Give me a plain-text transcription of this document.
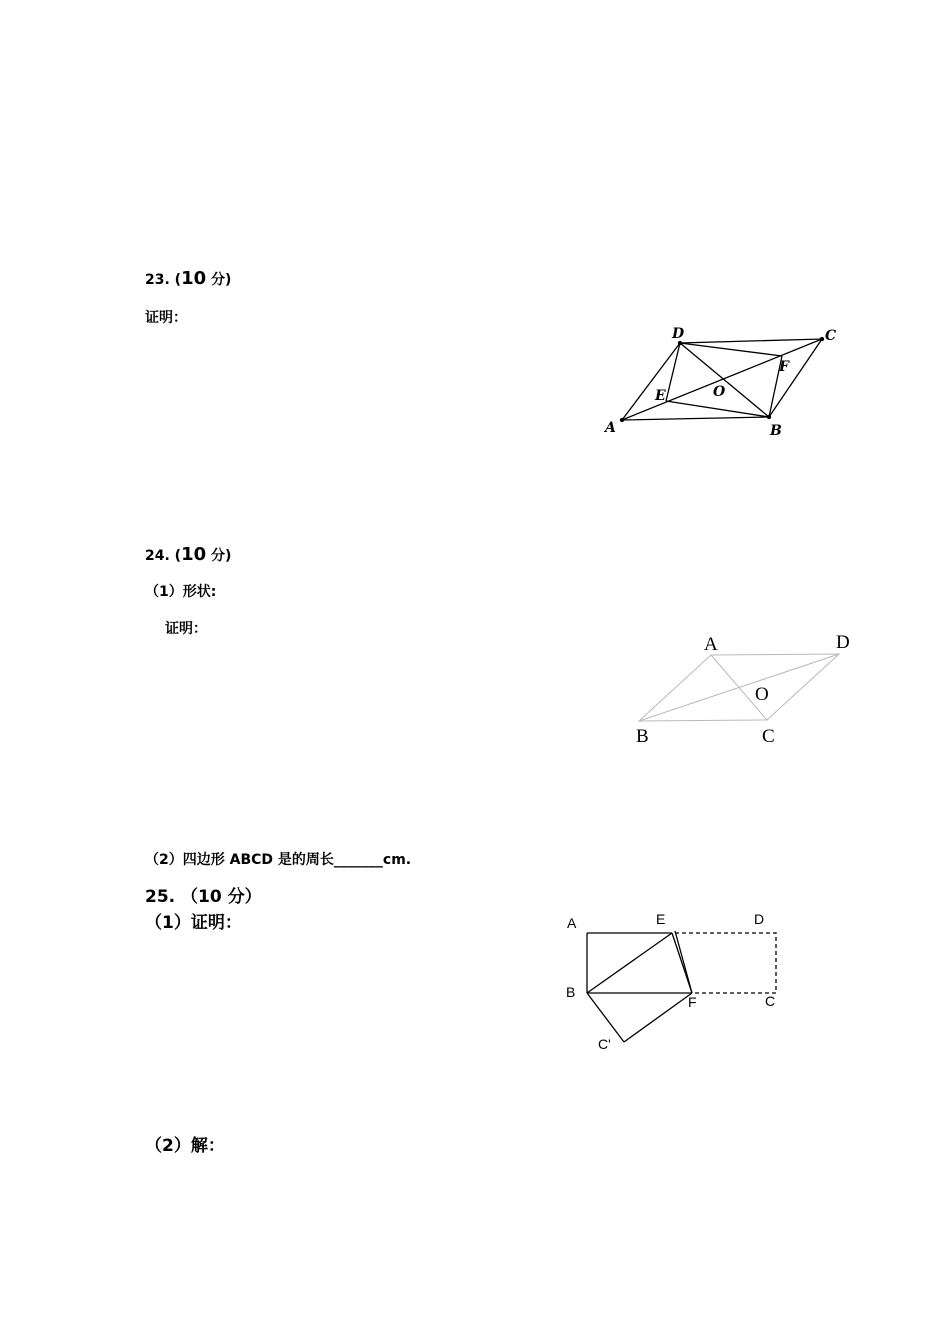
23. (10 分)
证明：
24. (10 分)
（1）形状:
证明：
（2）四边形 ABCD 是的周长_______cm.
25. （10 分）
（1）证明：
（2）解：
A	B
C
D
E
F
O
A
B	C
D
O
A
B
C
D
E
F
C'
